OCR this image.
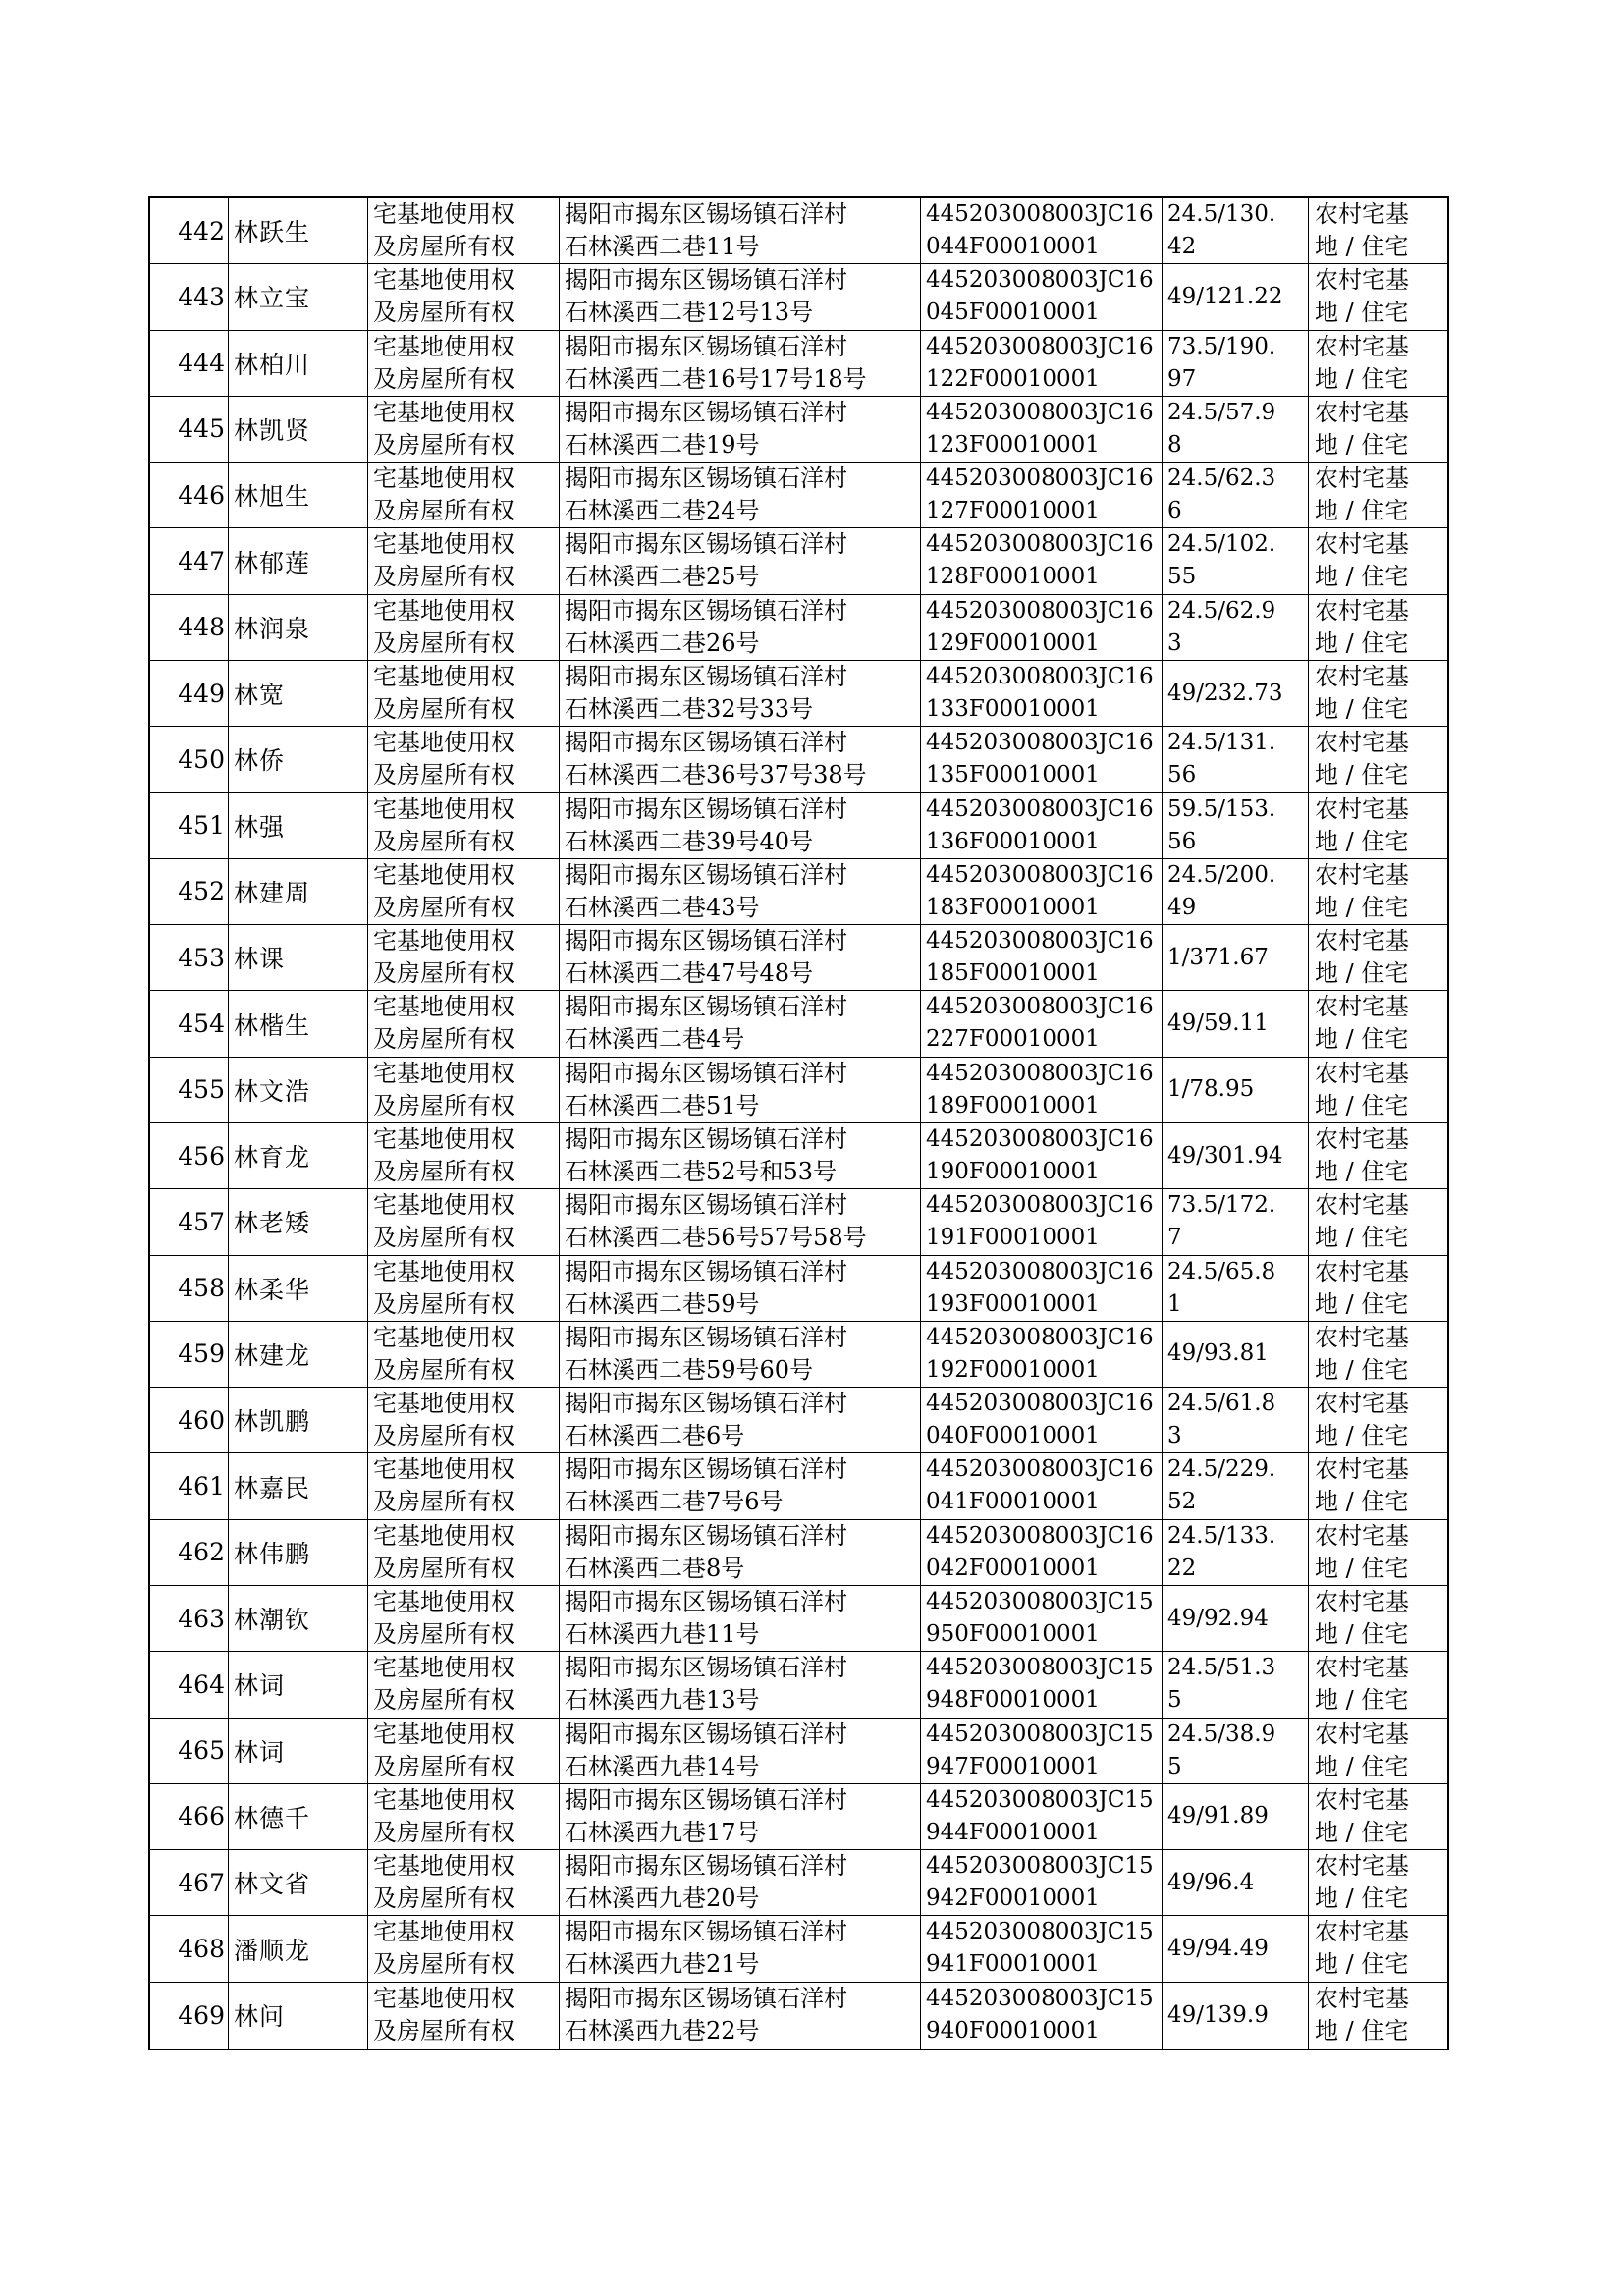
442 林跃生
宅基地使用权
及房屋所有权
揭阳市揭东区锡场镇石洋村
石林溪西二巷11号
445203008003JC16
044F00010001
24.5/130.
42
农村宅基
地 / 住宅
443 林立宝
宅基地使用权
及房屋所有权
揭阳市揭东区锡场镇石洋村
石林溪西二巷12号13号
445203008003JC16
045F00010001
49/121.22
农村宅基
地 / 住宅
444 林柏川
宅基地使用权
及房屋所有权
揭阳市揭东区锡场镇石洋村
石林溪西二巷16号17号18号
445203008003JC16
122F00010001
73.5/190.
97
农村宅基
地 / 住宅
445 林凯贤
宅基地使用权
及房屋所有权
揭阳市揭东区锡场镇石洋村
石林溪西二巷19号
445203008003JC16
123F00010001
24.5/57.9
8
农村宅基
地 / 住宅
446 林旭生
宅基地使用权
及房屋所有权
揭阳市揭东区锡场镇石洋村
石林溪西二巷24号
445203008003JC16
127F00010001
24.5/62.3
6
农村宅基
地 / 住宅
447 林郁莲
宅基地使用权
及房屋所有权
揭阳市揭东区锡场镇石洋村
石林溪西二巷25号
445203008003JC16
128F00010001
24.5/102.
55
农村宅基
地 / 住宅
448 林润泉
宅基地使用权
及房屋所有权
揭阳市揭东区锡场镇石洋村
石林溪西二巷26号
445203008003JC16
129F00010001
24.5/62.9
3
农村宅基
地 / 住宅
449 林宽
宅基地使用权
及房屋所有权
揭阳市揭东区锡场镇石洋村
石林溪西二巷32号33号
445203008003JC16
133F00010001
49/232.73
农村宅基
地 / 住宅
450 林侨
宅基地使用权
及房屋所有权
揭阳市揭东区锡场镇石洋村
石林溪西二巷36号37号38号
445203008003JC16
135F00010001
24.5/131.
56
农村宅基
地 / 住宅
451 林强
宅基地使用权
及房屋所有权
揭阳市揭东区锡场镇石洋村
石林溪西二巷39号40号
445203008003JC16
136F00010001
59.5/153.
56
农村宅基
地 / 住宅
452 林建周
宅基地使用权
及房屋所有权
揭阳市揭东区锡场镇石洋村
石林溪西二巷43号
445203008003JC16
183F00010001
24.5/200.
49
农村宅基
地 / 住宅
453 林课
宅基地使用权
及房屋所有权
揭阳市揭东区锡场镇石洋村
石林溪西二巷47号48号
445203008003JC16
185F00010001
1/371.67
农村宅基
地 / 住宅
454 林楷生
宅基地使用权
及房屋所有权
揭阳市揭东区锡场镇石洋村
石林溪西二巷4号
445203008003JC16
227F00010001
49/59.11
农村宅基
地 / 住宅
455 林文浩
宅基地使用权
及房屋所有权
揭阳市揭东区锡场镇石洋村
石林溪西二巷51号
445203008003JC16
189F00010001
1/78.95
农村宅基
地 / 住宅
456 林育龙
宅基地使用权
及房屋所有权
揭阳市揭东区锡场镇石洋村
石林溪西二巷52号和53号
445203008003JC16
190F00010001
49/301.94
农村宅基
地 / 住宅
457 林老矮
宅基地使用权
及房屋所有权
揭阳市揭东区锡场镇石洋村
石林溪西二巷56号57号58号
445203008003JC16
191F00010001
73.5/172.
7
农村宅基
地 / 住宅
458 林柔华
宅基地使用权
及房屋所有权
揭阳市揭东区锡场镇石洋村
石林溪西二巷59号
445203008003JC16
193F00010001
24.5/65.8
1
农村宅基
地 / 住宅
459 林建龙
宅基地使用权
及房屋所有权
揭阳市揭东区锡场镇石洋村
石林溪西二巷59号60号
445203008003JC16
192F00010001
49/93.81
农村宅基
地 / 住宅
460 林凯鹏
宅基地使用权
及房屋所有权
揭阳市揭东区锡场镇石洋村
石林溪西二巷6号
445203008003JC16
040F00010001
24.5/61.8
3
农村宅基
地 / 住宅
461 林嘉民
宅基地使用权
及房屋所有权
揭阳市揭东区锡场镇石洋村
石林溪西二巷7号6号
445203008003JC16
041F00010001
24.5/229.
52
农村宅基
地 / 住宅
462 林伟鹏
宅基地使用权
及房屋所有权
揭阳市揭东区锡场镇石洋村
石林溪西二巷8号
445203008003JC16
042F00010001
24.5/133.
22
农村宅基
地 / 住宅
463 林潮钦
宅基地使用权
及房屋所有权
揭阳市揭东区锡场镇石洋村
石林溪西九巷11号
445203008003JC15
950F00010001
49/92.94
农村宅基
地 / 住宅
464 林词
宅基地使用权
及房屋所有权
揭阳市揭东区锡场镇石洋村
石林溪西九巷13号
445203008003JC15
948F00010001
24.5/51.3
5
农村宅基
地 / 住宅
465 林词
宅基地使用权
及房屋所有权
揭阳市揭东区锡场镇石洋村
石林溪西九巷14号
445203008003JC15
947F00010001
24.5/38.9
5
农村宅基
地 / 住宅
466 林德千
宅基地使用权
及房屋所有权
揭阳市揭东区锡场镇石洋村
石林溪西九巷17号
445203008003JC15
944F00010001
49/91.89
农村宅基
地 / 住宅
467 林文省
宅基地使用权
及房屋所有权
揭阳市揭东区锡场镇石洋村
石林溪西九巷20号
445203008003JC15
942F00010001
49/96.4
农村宅基
地 / 住宅
468 潘顺龙
宅基地使用权
及房屋所有权
揭阳市揭东区锡场镇石洋村
石林溪西九巷21号
445203008003JC15
941F00010001
49/94.49
农村宅基
地 / 住宅
469 林问
宅基地使用权
及房屋所有权
揭阳市揭东区锡场镇石洋村
石林溪西九巷22号
445203008003JC15
940F00010001
49/139.9
农村宅基
地 / 住宅
